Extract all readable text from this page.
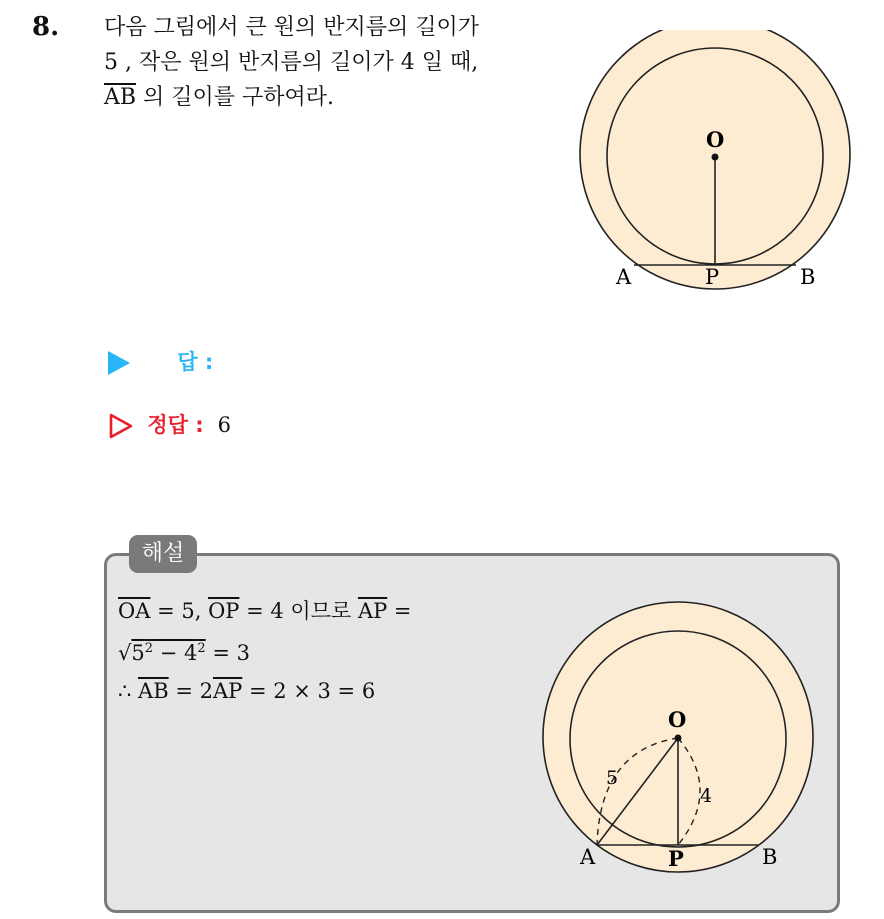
8. 다음 그림에서 큰 원의 반지름의 길이가
5 , 작은 원의 반지름의 길이가 4 일 때,
$\overline{AB}$ 의 길이를 구하여라.
O
A	P	B
답 :
정답 : 6
해설
$\overline{OA} = 5$, $\overline{OP} = 4$ 이므로 $\overline{AP}$ =
$√5^2 - 4^2 = 3$
∴ $\overline{AB} = 2\overline{AP} = 2 \times 3 = 6$
O
5
4
A	P	B
